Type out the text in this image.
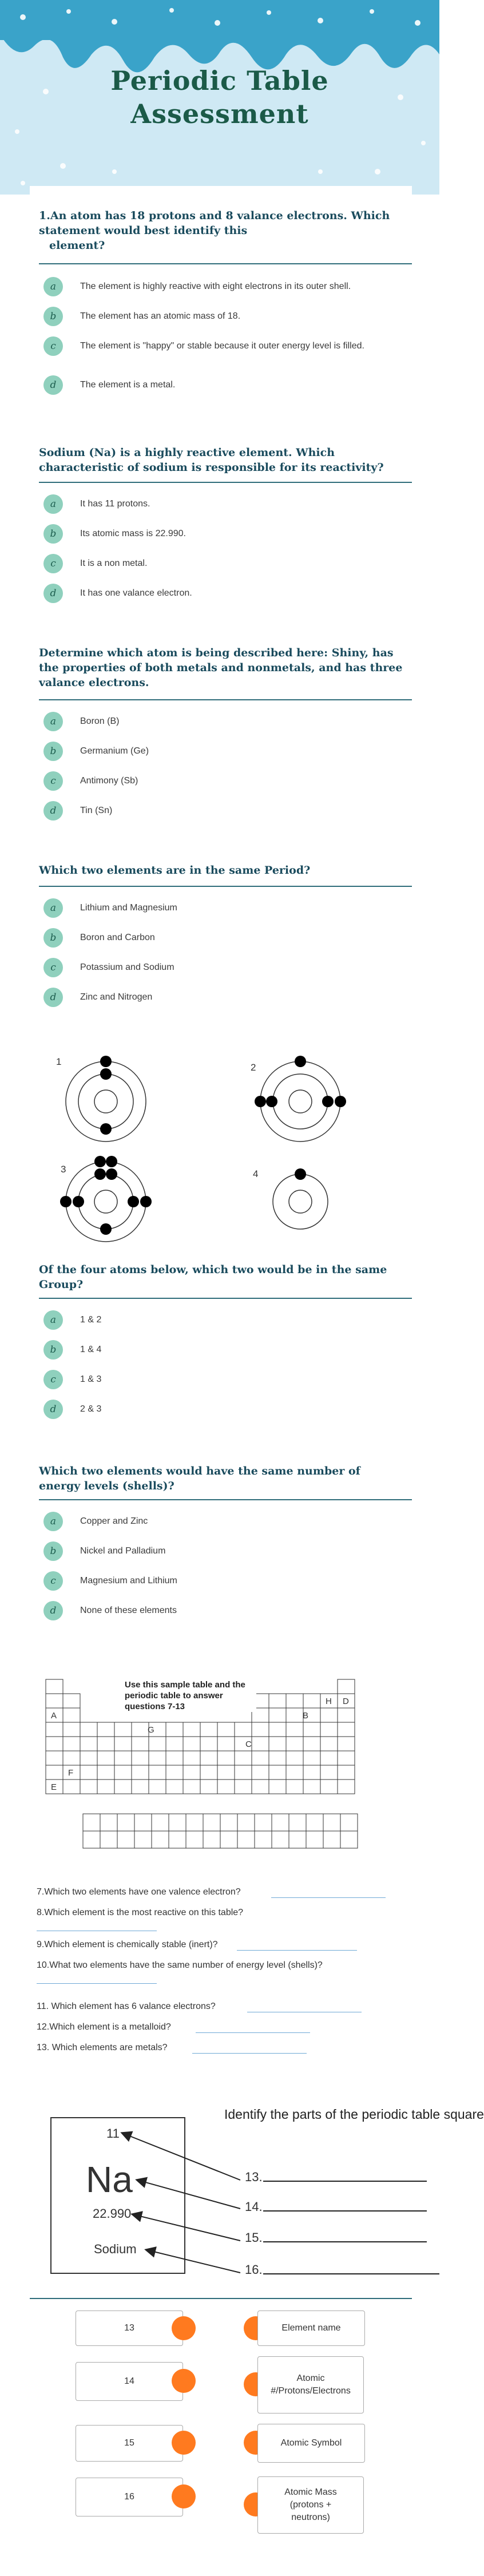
Periodic Table
Assessment
1.An atom has 18 protons and 8 valance electrons. Which statement would best identify this
element?
a	The element is highly reactive with eight electrons in its outer shell.
b	The element has an atomic mass of 18.
c	The element is "happy" or stable because it outer energy level is filled.
d	The element is a metal.
Sodium (Na) is a highly reactive element. Which characteristic of sodium is responsible for its reactivity?
a	It has 11 protons.
b	Its atomic mass is 22.990.
c	It is a non metal.
d	It has one valance electron.
Determine which atom is being described here: Shiny, has the properties of both metals and nonmetals, and has three valance electrons.
a	Boron (B)
b	Germanium (Ge)
c	Antimony (Sb)
d	Tin (Sn)
Which two elements are in the same Period?
a	Lithium and Magnesium
b	Boron and Carbon
c	Potassium and Sodium
d	Zinc and Nitrogen
1
2
3	4
Of the four atoms below, which two would be in the same Group?
a	1 & 2
b	1 & 4
c	1 & 3
d	2 & 3
Which two elements would have the same number of energy levels (shells)?
a	Copper and Zinc
b	Nickel and Palladium
c	Magnesium and Lithium
d	None of these elements
Use this sample table and the periodic table to answer questions 7-13
A	B
C
D
E
F
G
H
7.Which two elements have one valence electron?
8.Which element is the most reactive on this table?
9.Which element is chemically stable (inert)?
10.What two elements have the same number of energy level (shells)?
11. Which element has 6 valance electrons?
12.Which element is a metalloid?
13. Which elements are metals?
Identify the parts of the periodic table square
11
Na
22.990
Sodium
13.
14.
15.
16.
13	Element name
14	Atomic #/Protons/Electrons
15	Atomic Symbol
16	Atomic Mass (protons + neutrons)
